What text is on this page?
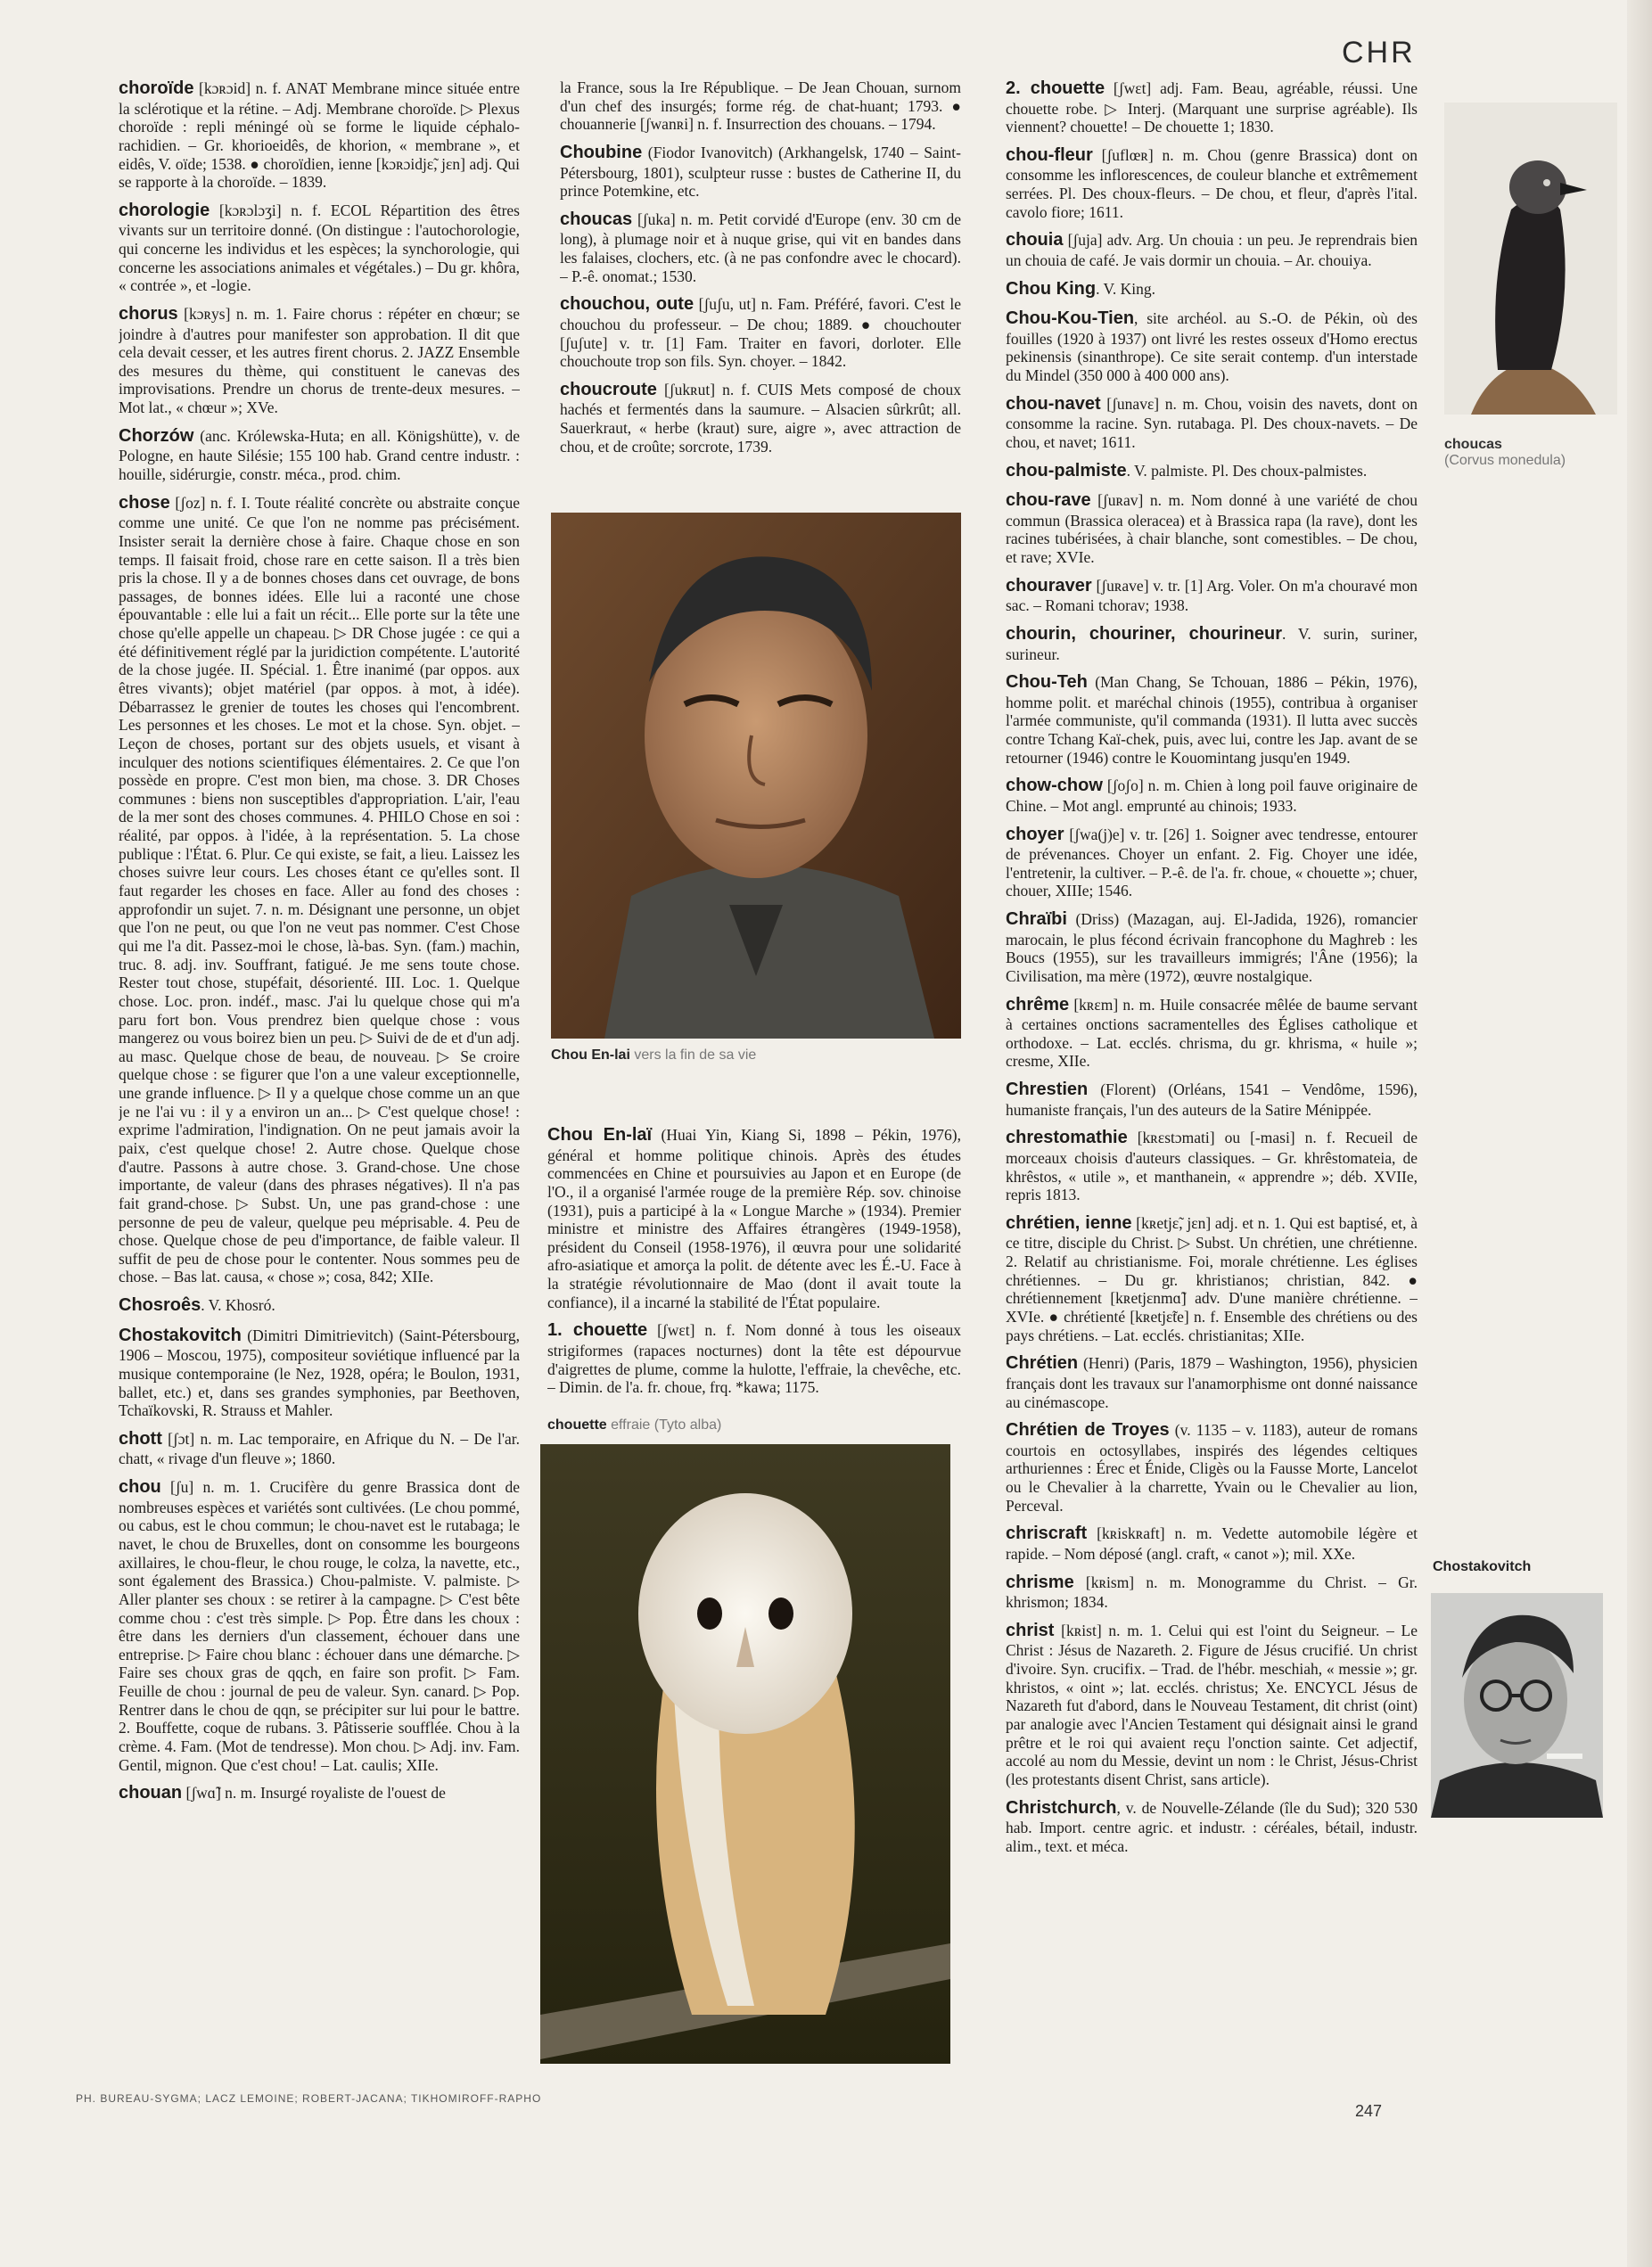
CHR

choroïde [kɔʀɔid] n. f. ANAT Membrane mince située entre la sclérotique et la rétine. – Adj. Membrane choroïde. ▷ Plexus choroïde : repli méningé où se forme le liquide céphalo-rachidien. – Gr. khorioeidês, de khorion, « membrane », et eidês, V. oïde; 1538. ● choroïdien, ienne [kɔʀɔidjɛ̃, jɛn] adj. Qui se rapporte à la choroïde. – 1839.

chorologie [kɔʀɔlɔʒi] n. f. ECOL Répartition des êtres vivants sur un territoire donné. (On distingue : l'autochorologie, qui concerne les individus et les espèces; la synchorologie, qui concerne les associations animales et végétales.) – Du gr. khôra, « contrée », et -logie.

chorus [kɔʀys] n. m. 1. Faire chorus : répéter en chœur; se joindre à d'autres pour manifester son approbation. Il dit que cela devait cesser, et les autres firent chorus. 2. JAZZ Ensemble des mesures du thème, qui constituent le canevas des improvisations. Prendre un chorus de trente-deux mesures. – Mot lat., « chœur »; XVe.

Chorzów (anc. Królewska-Huta; en all. Königshütte), v. de Pologne, en haute Silésie; 155 100 hab. Grand centre industr. : houille, sidérurgie, constr. méca., prod. chim.

chose [ʃoz] n. f. I. Toute réalité concrète ou abstraite conçue comme une unité. Ce que l'on ne nomme pas précisément. Insister serait la dernière chose à faire. Chaque chose en son temps. Il faisait froid, chose rare en cette saison. Il a très bien pris la chose. Il y a de bonnes choses dans cet ouvrage, de bons passages, de bonnes idées. Elle lui a raconté une chose épouvantable : elle lui a fait un récit... Elle porte sur la tête une chose qu'elle appelle un chapeau. ▷ DR Chose jugée : ce qui a été définitivement réglé par la juridiction compétente. L'autorité de la chose jugée. II. Spécial. 1. Être inanimé (par oppos. aux êtres vivants); objet matériel (par oppos. à mot, à idée). Débarrassez le grenier de toutes les choses qui l'encombrent. Les personnes et les choses. Le mot et la chose. Syn. objet. – Leçon de choses, portant sur des objets usuels, et visant à inculquer des notions scientifiques élémentaires. 2. Ce que l'on possède en propre. C'est mon bien, ma chose. 3. DR Choses communes : biens non susceptibles d'appropriation. L'air, l'eau de la mer sont des choses communes. 4. PHILO Chose en soi : réalité, par oppos. à l'idée, à la représentation. 5. La chose publique : l'État. 6. Plur. Ce qui existe, se fait, a lieu. Laissez les choses suivre leur cours. Les choses étant ce qu'elles sont. Il faut regarder les choses en face. Aller au fond des choses : approfondir un sujet. 7. n. m. Désignant une personne, un objet que l'on ne peut, ou que l'on ne veut pas nommer. C'est Chose qui me l'a dit. Passez-moi le chose, là-bas. Syn. (fam.) machin, truc. 8. adj. inv. Souffrant, fatigué. Je me sens toute chose. Rester tout chose, stupéfait, désorienté. III. Loc. 1. Quelque chose. Loc. pron. indéf., masc. J'ai lu quelque chose qui m'a paru fort bon. Vous prendrez bien quelque chose : vous mangerez ou vous boirez bien un peu. ▷ Suivi de de et d'un adj. au masc. Quelque chose de beau, de nouveau. ▷ Se croire quelque chose : se figurer que l'on a une valeur exceptionnelle, une grande influence. ▷ Il y a quelque chose comme un an que je ne l'ai vu : il y a environ un an... ▷ C'est quelque chose! : exprime l'admiration, l'indignation. On ne peut jamais avoir la paix, c'est quelque chose! 2. Autre chose. Quelque chose d'autre. Passons à autre chose. 3. Grand-chose. Une chose importante, de valeur (dans des phrases négatives). Il n'a pas fait grand-chose. ▷ Subst. Un, une pas grand-chose : une personne de peu de valeur, quelque peu méprisable. 4. Peu de chose. Quelque chose de peu d'importance, de faible valeur. Il suffit de peu de chose pour le contenter. Nous sommes peu de chose. – Bas lat. causa, « chose »; cosa, 842; XIIe.

Chosroês. V. Khosró.

Chostakovitch (Dimitri Dimitrievitch) (Saint-Pétersbourg, 1906 – Moscou, 1975), compositeur soviétique influencé par la musique contemporaine (le Nez, 1928, opéra; le Boulon, 1931, ballet, etc.) et, dans ses grandes symphonies, par Beethoven, Tchaïkovski, R. Strauss et Mahler.

chott [ʃɔt] n. m. Lac temporaire, en Afrique du N. – De l'ar. chatt, « rivage d'un fleuve »; 1860.

chou [ʃu] n. m. 1. Crucifère du genre Brassica dont de nombreuses espèces et variétés sont cultivées. (Le chou pommé, ou cabus, est le chou commun; le chou-navet est le rutabaga; le navet, le chou de Bruxelles, dont on consomme les bourgeons axillaires, le chou-fleur, le chou rouge, le colza, la navette, etc., sont également des Brassica.) Chou-palmiste. V. palmiste. ▷ Aller planter ses choux : se retirer à la campagne. ▷ C'est bête comme chou : c'est très simple. ▷ Pop. Être dans les choux : être dans les derniers d'un classement, échouer dans une entreprise. ▷ Faire chou blanc : échouer dans une démarche. ▷ Faire ses choux gras de qqch, en faire son profit. ▷ Fam. Feuille de chou : journal de peu de valeur. Syn. canard. ▷ Pop. Rentrer dans le chou de qqn, se précipiter sur lui pour le battre. 2. Bouffette, coque de rubans. 3. Pâtisserie soufflée. Chou à la crème. 4. Fam. (Mot de tendresse). Mon chou. ▷ Adj. inv. Fam. Gentil, mignon. Que c'est chou! – Lat. caulis; XIIe.

chouan [ʃwɑ̃] n. m. Insurgé royaliste de l'ouest de

la France, sous la Ire République. – De Jean Chouan, surnom d'un chef des insurgés; forme rég. de chat-huant; 1793. ● chouannerie [ʃwanʀi] n. f. Insurrection des chouans. – 1794.

Choubine (Fiodor Ivanovitch) (Arkhangelsk, 1740 – Saint-Pétersbourg, 1801), sculpteur russe : bustes de Catherine II, du prince Potemkine, etc.

choucas [ʃuka] n. m. Petit corvidé d'Europe (env. 30 cm de long), à plumage noir et à nuque grise, qui vit en bandes dans les falaises, clochers, etc. (à ne pas confondre avec le chocard). – P.-ê. onomat.; 1530.

chouchou, oute [ʃuʃu, ut] n. Fam. Préféré, favori. C'est le chouchou du professeur. – De chou; 1889. ● chouchouter [ʃuʃute] v. tr. [1] Fam. Traiter en favori, dorloter. Elle chouchoute trop son fils. Syn. choyer. – 1842.

choucroute [ʃukʀut] n. f. CUIS Mets composé de choux hachés et fermentés dans la saumure. – Alsacien sûrkrût; all. Sauerkraut, « herbe (kraut) sure, aigre », avec attraction de chou, et de croûte; sorcrote, 1739.

Chou En-laï (Huai Yin, Kiang Si, 1898 – Pékin, 1976), général et homme politique chinois. Après des études commencées en Chine et poursuivies au Japon et en Europe (de l'O., il a organisé l'armée rouge de la première Rép. sov. chinoise (1931), puis a participé à la « Longue Marche » (1934). Premier ministre et ministre des Affaires étrangères (1949-1958), président du Conseil (1958-1976), il œuvra pour une solidarité afro-asiatique et amorça la polit. de détente avec les É.-U. Face à la stratégie révolutionnaire de Mao (dont il avait toute la confiance), il a incarné la stabilité de l'État populaire.

1. chouette [ʃwɛt] n. f. Nom donné à tous les oiseaux strigiformes (rapaces nocturnes) dont la tête est dépourvue d'aigrettes de plume, comme la hulotte, l'effraie, la chevêche, etc. – Dimin. de l'a. fr. choue, frq. *kawa; 1175.

2. chouette [ʃwɛt] adj. Fam. Beau, agréable, réussi. Une chouette robe. ▷ Interj. (Marquant une surprise agréable). Ils viennent? chouette! – De chouette 1; 1830.

chou-fleur [ʃuflœʀ] n. m. Chou (genre Brassica) dont on consomme les inflorescences, de couleur blanche et extrêmement serrées. Pl. Des choux-fleurs. – De chou, et fleur, d'après l'ital. cavolo fiore; 1611.

chouia [ʃuja] adv. Arg. Un chouia : un peu. Je reprendrais bien un chouia de café. Je vais dormir un chouia. – Ar. chouiya.

Chou King. V. King.

Chou-Kou-Tien, site archéol. au S.-O. de Pékin, où des fouilles (1920 à 1937) ont livré les restes osseux d'Homo erectus pekinensis (sinanthrope). Ce site serait contemp. d'un interstade du Mindel (350 000 à 400 000 ans).

chou-navet [ʃunavɛ] n. m. Chou, voisin des navets, dont on consomme la racine. Syn. rutabaga. Pl. Des choux-navets. – De chou, et navet; 1611.

chou-palmiste. V. palmiste. Pl. Des choux-palmistes.

chou-rave [ʃuʀav] n. m. Nom donné à une variété de chou commun (Brassica oleracea) et à Brassica rapa (la rave), dont les racines tubérisées, à chair blanche, sont comestibles. – De chou, et rave; XVIe.

chouraver [ʃuʀave] v. tr. [1] Arg. Voler. On m'a chouravé mon sac. – Romani tchorav; 1938.

chourin, chouriner, chourineur. V. surin, suriner, surineur.

Chou-Teh (Man Chang, Se Tchouan, 1886 – Pékin, 1976), homme polit. et maréchal chinois (1955), contribua à organiser l'armée communiste, qu'il commanda (1931). Il lutta avec succès contre Tchang Kaï-chek, puis, avec lui, contre les Jap. avant de se retourner (1946) contre le Kouomintang jusqu'en 1949.

chow-chow [ʃoʃo] n. m. Chien à long poil fauve originaire de Chine. – Mot angl. emprunté au chinois; 1933.

choyer [ʃwa(j)e] v. tr. [26] 1. Soigner avec tendresse, entourer de prévenances. Choyer un enfant. 2. Fig. Choyer une idée, l'entretenir, la cultiver. – P.-ê. de l'a. fr. choue, « chouette »; chuer, chouer, XIIIe; 1546.

Chraïbi (Driss) (Mazagan, auj. El-Jadida, 1926), romancier marocain, le plus fécond écrivain francophone du Maghreb : les Boucs (1955), sur les travailleurs immigrés; l'Âne (1956); la Civilisation, ma mère (1972), œuvre nostalgique.

chrême [kʀɛm] n. m. Huile consacrée mêlée de baume servant à certaines onctions sacramentelles des Églises catholique et orthodoxe. – Lat. ecclés. chrisma, du gr. khrisma, « huile »; cresme, XIIe.

Chrestien (Florent) (Orléans, 1541 – Vendôme, 1596), humaniste français, l'un des auteurs de la Satire Ménippée.

chrestomathie [kʀɛstɔmati] ou [-masi] n. f. Recueil de morceaux choisis d'auteurs classiques. – Gr. khrêstomateia, de khrêstos, « utile », et manthanein, « apprendre »; déb. XVIIe, repris 1813.

chrétien, ienne [kʀetjɛ̃, jɛn] adj. et n. 1. Qui est baptisé, et, à ce titre, disciple du Christ. ▷ Subst. Un chrétien, une chrétienne. 2. Relatif au christianisme. Foi, morale chrétienne. Les églises chrétiennes. – Du gr. khristianos; christian, 842. ● chrétiennement [kʀetjɛnmɑ̃] adv. D'une manière chrétienne. – XVIe. ● chrétienté [kʀetjɛ̃te] n. f. Ensemble des chrétiens ou des pays chrétiens. – Lat. ecclés. christianitas; XIIe.

Chrétien (Henri) (Paris, 1879 – Washington, 1956), physicien français dont les travaux sur l'anamorphisme ont donné naissance au cinémascope.

Chrétien de Troyes (v. 1135 – v. 1183), auteur de romans courtois en octosyllabes, inspirés des légendes celtiques arthuriennes : Érec et Énide, Cligès ou la Fausse Morte, Lancelot ou le Chevalier à la charrette, Yvain ou le Chevalier au lion, Perceval.

chriscraft [kʀiskʀaft] n. m. Vedette automobile légère et rapide. – Nom déposé (angl. craft, « canot »); mil. XXe.

chrisme [kʀism] n. m. Monogramme du Christ. – Gr. khrismon; 1834.

christ [kʀist] n. m. 1. Celui qui est l'oint du Seigneur. – Le Christ : Jésus de Nazareth. 2. Figure de Jésus crucifié. Un christ d'ivoire. Syn. crucifix. – Trad. de l'hébr. meschiah, « messie »; gr. khristos, « oint »; lat. ecclés. christus; Xe. ENCYCL Jésus de Nazareth fut d'abord, dans le Nouveau Testament, dit christ (oint) par analogie avec l'Ancien Testament qui désignait ainsi le grand prêtre et le roi qui avaient reçu l'onction sainte. Cet adjectif, accolé au nom du Messie, devint un nom : le Christ, Jésus-Christ (les protestants disent Christ, sans article).

Christchurch, v. de Nouvelle-Zélande (île du Sud); 320 530 hab. Import. centre agric. et industr. : céréales, bétail, industr. alim., text. et méca.

Chou En-lai vers la fin de sa vie
chouette effraie (Tyto alba)
choucas
(Corvus monedula)
Chostakovitch
PH. BUREAU-SYGMA; LACZ LEMOINE; ROBERT-JACANA; TIKHOMIROFF-RAPHO
247
